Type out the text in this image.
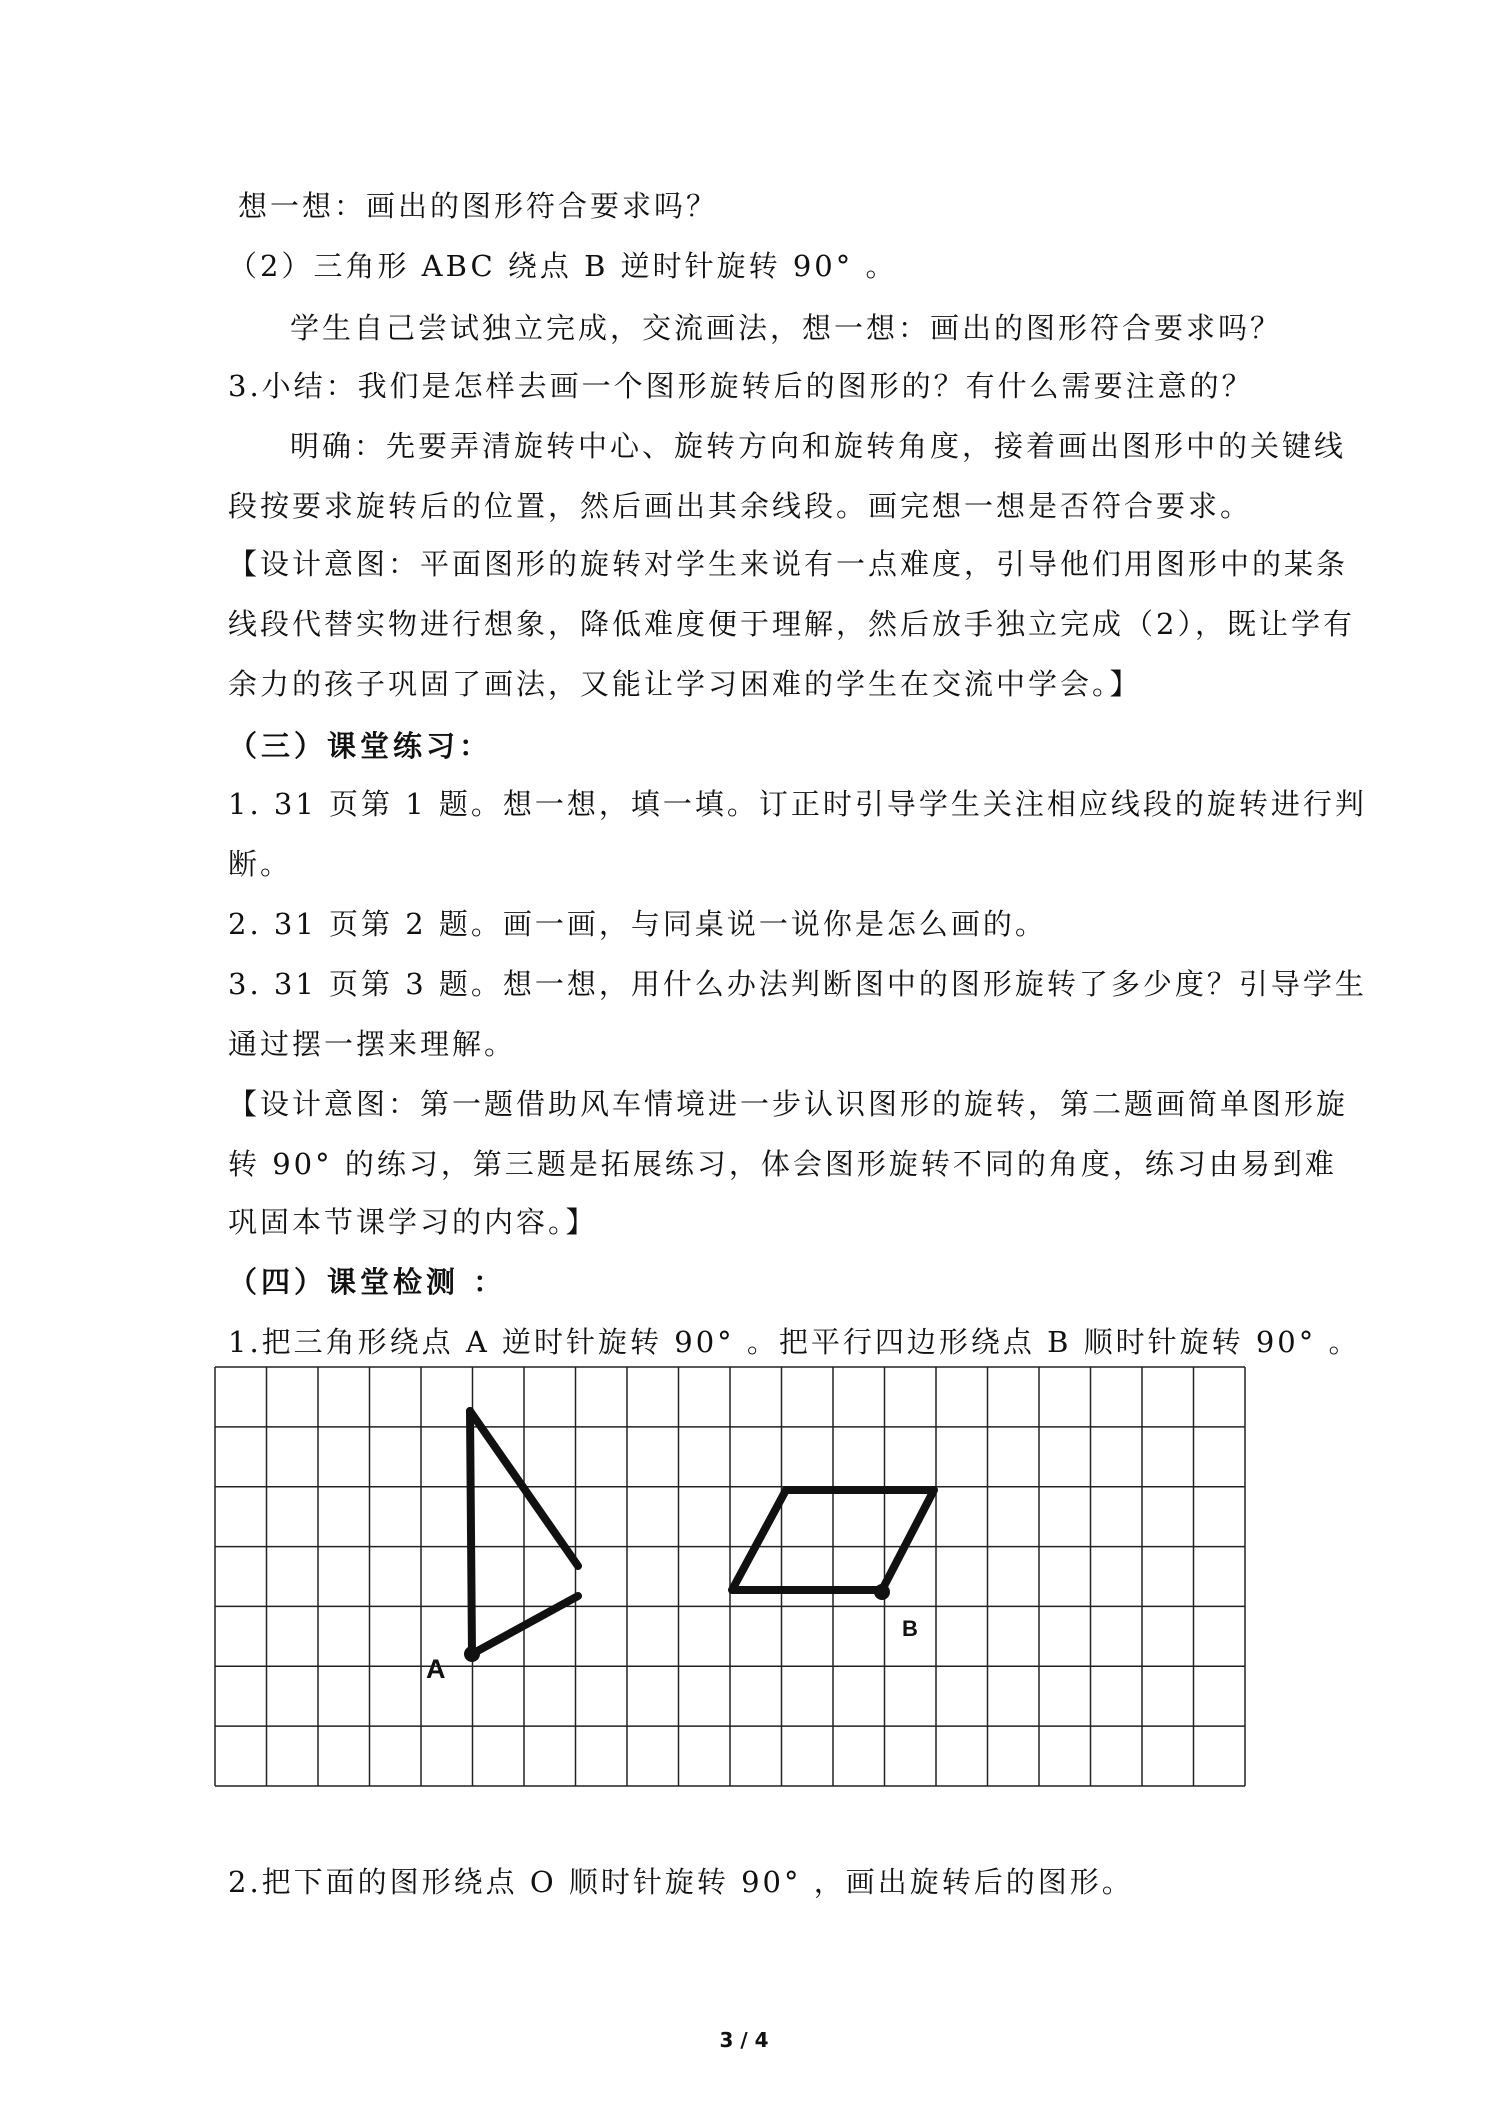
想一想：画出的图形符合要求吗？
（2）三角形 ABC 绕点 B 逆时针旋转 90° 。
学生自己尝试独立完成，交流画法，想一想：画出的图形符合要求吗？
3.小结：我们是怎样去画一个图形旋转后的图形的？有什么需要注意的？
明确：先要弄清旋转中心、旋转方向和旋转角度，接着画出图形中的关键线
段按要求旋转后的位置，然后画出其余线段。画完想一想是否符合要求。
【设计意图：平面图形的旋转对学生来说有一点难度，引导他们用图形中的某条
线段代替实物进行想象，降低难度便于理解，然后放手独立完成（2），既让学有
余力的孩子巩固了画法，又能让学习困难的学生在交流中学会。】
（三）课堂练习：
1. 31 页第 1 题。想一想，填一填。订正时引导学生关注相应线段的旋转进行判
断。
2. 31 页第 2 题。画一画，与同桌说一说你是怎么画的。
3. 31 页第 3 题。想一想，用什么办法判断图中的图形旋转了多少度？引导学生
通过摆一摆来理解。
【设计意图：第一题借助风车情境进一步认识图形的旋转，第二题画简单图形旋
转 90° 的练习，第三题是拓展练习，体会图形旋转不同的角度，练习由易到难
巩固本节课学习的内容。】
（四）课堂检测 ：
1.把三角形绕点 A 逆时针旋转 90° 。把平行四边形绕点 B 顺时针旋转 90° 。
A
B
2.把下面的图形绕点 O 顺时针旋转 90° ，画出旋转后的图形。
3 / 4
